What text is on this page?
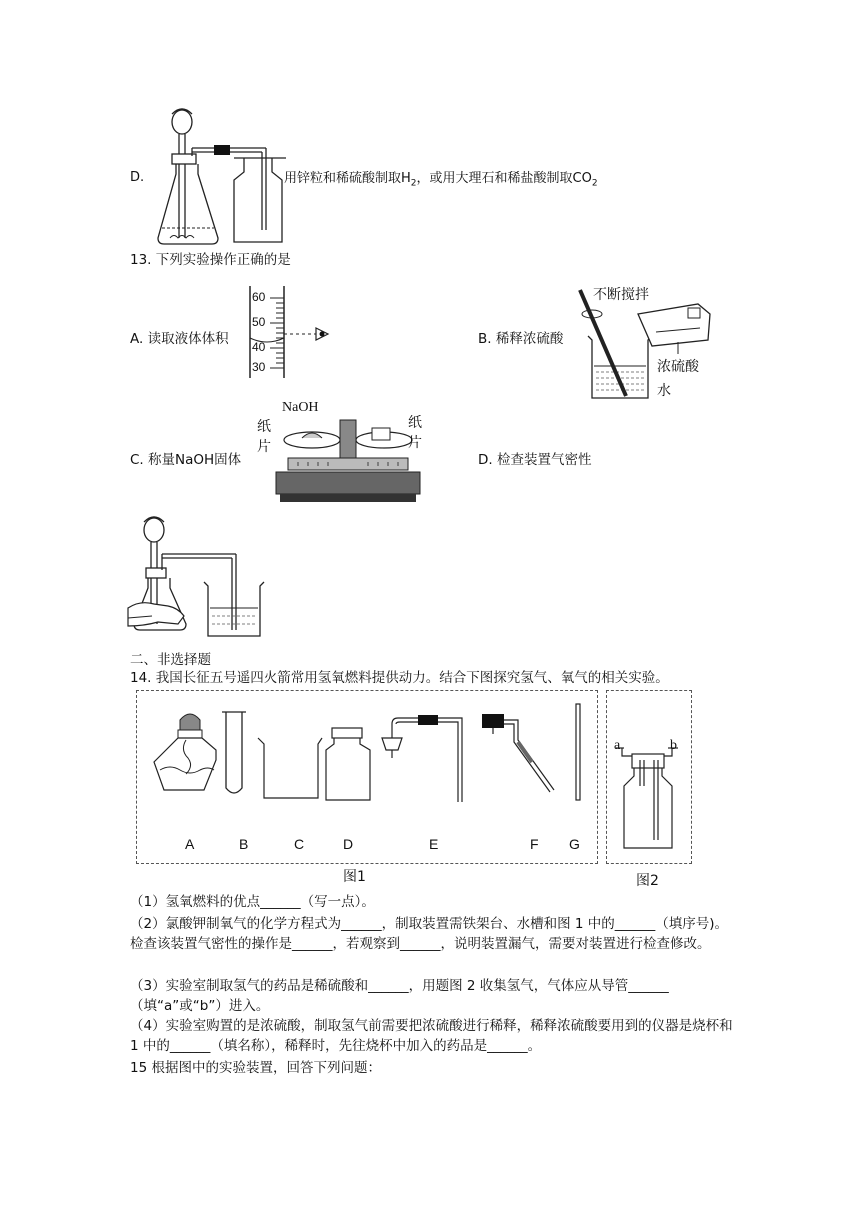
D.	用锌粒和稀硫酸制取$H_2$，或用大理石和稀盐酸制取$CO_2$
13. 下列实验操作正确的是
60
50
40
30
A. 读取液体体积	B. 稀释浓硫酸
不断搅拌
浓硫酸
水
C. 称量NaOH固体
NaOH
纸
片
纸
片
D. 检查装置气密性
二、非选择题
14. 我国长征五号遥四火箭常用氢氧燃料提供动力。结合下图探究氢气、氧气的相关实验。
A	B	C	D	E	F G
图1
a	b
图2
（1）氢氧燃料的优点______（写一点）。
（2）氯酸钾制氧气的化学方程式为______，制取装置需铁架台、水槽和图 1 中的______（填序号)。检查该装置气密性的操作是______，若观察到______，说明装置漏气，需要对装置进行检查修改。
（3）实验室制取氢气的药品是稀硫酸和______，用题图 2 收集氢气，气体应从导管______（填“a”或“b”）进入。
（4）实验室购置的是浓硫酸，制取氢气前需要把浓硫酸进行稀释，稀释浓硫酸要用到的仪器是烧杯和 1 中的______（填名称），稀释时，先往烧杯中加入的药品是______。
15 根据图中的实验装置，回答下列问题：
